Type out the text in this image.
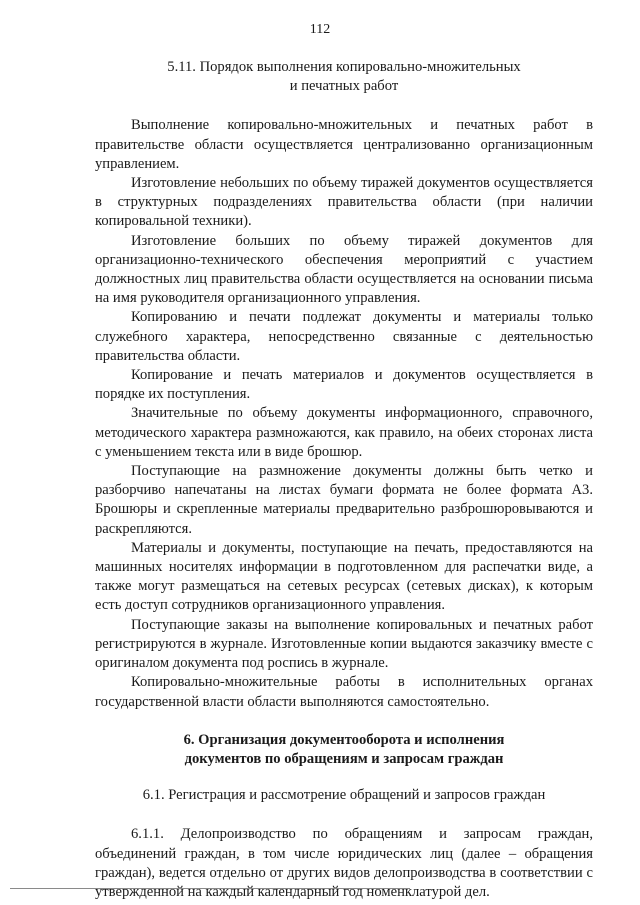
112
5.11. Порядок выполнения копировально-множительных
и печатных работ

Выполнение копировально-множительных и печатных работ в правительстве области осуществляется централизованно организационным управлением.

Изготовление небольших по объему тиражей документов осуществляется в структурных подразделениях правительства области (при наличии копировальной техники).

Изготовление больших по объему тиражей документов для организационно-технического обеспечения мероприятий с участием должностных лиц правительства области осуществляется на основании письма на имя руководителя организационного управления.

Копированию и печати подлежат документы и материалы только служебного характера, непосредственно связанные с деятельностью правительства области.

Копирование и печать материалов и документов осуществляется в порядке их поступления.

Значительные по объему документы информационного, справочного, методического характера размножаются, как правило, на обеих сторонах листа с уменьшением текста или в виде брошюр.

Поступающие на размножение документы должны быть четко и разборчиво напечатаны на листах бумаги формата не более формата А3. Брошюры и скрепленные материалы предварительно разброшюровываются и раскрепляются.

Материалы и документы, поступающие на печать, предоставляются на машинных носителях информации в подготовленном для распечатки виде, а также могут размещаться на сетевых ресурсах (сетевых дисках), к которым есть доступ сотрудников организационного управления.

Поступающие заказы на выполнение копировальных и печатных работ регистрируются в журнале. Изготовленные копии выдаются заказчику вместе с оригиналом документа под роспись в журнале.

Копировально-множительные работы в исполнительных органах государственной власти области выполняются самостоятельно.

6. Организация документооборота и исполнения
документов по обращениям и запросам граждан
6.1. Регистрация и рассмотрение обращений и запросов граждан

6.1.1. Делопроизводство по обращениям и запросам граждан, объединений граждан, в том числе юридических лиц (далее – обращения граждан), ведется отдельно от других видов делопроизводства в соответствии с утвержденной на каждый календарный год номенклатурой дел.
